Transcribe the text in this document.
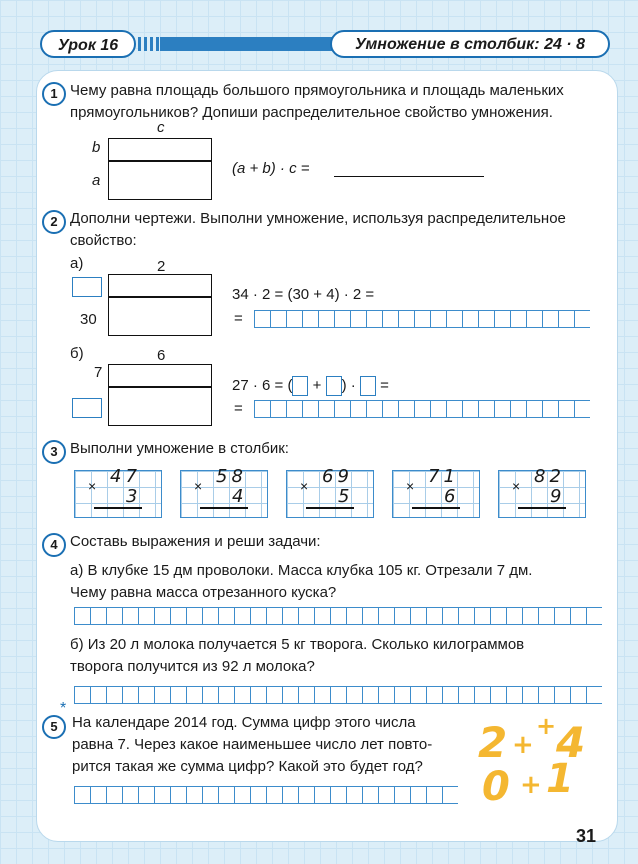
Урок 16	Умножение в столбик: 24 · 8
1 Чему равна площадь большого прямоугольника и площадь маленьких
прямоугольников? Допиши распределительное свойство умножения.
c
b
a
(a + b) · c =
2 Дополни чертежи. Выполни умножение, используя распределительное
свойство:
а)	2
30
34 · 2 = (30 + 4) · 2 =
=
б)	6
7
27 · 6 = ( + ) · =
=
3 Выполни умножение в столбик:
× 47
3	× 58
4	× 69
5	× 71
6	× 82
9
4 Составь выражения и реши задачи:
а) В клубке 15 дм проволоки. Масса клубка 105 кг. Отрезали 7 дм.
Чему равна масса отрезанного куска?
б) Из 20 л молока получается 5 кг творога. Сколько килограммов
творога получится из 92 л молока?
5
*
На календаре 2014 год. Сумма цифр этого числа
равна 7. Через какое наименьшее число лет повто-
рится такая же сумма цифр? Какой это будет год? 2 +
+ 4
0 + 1
31
